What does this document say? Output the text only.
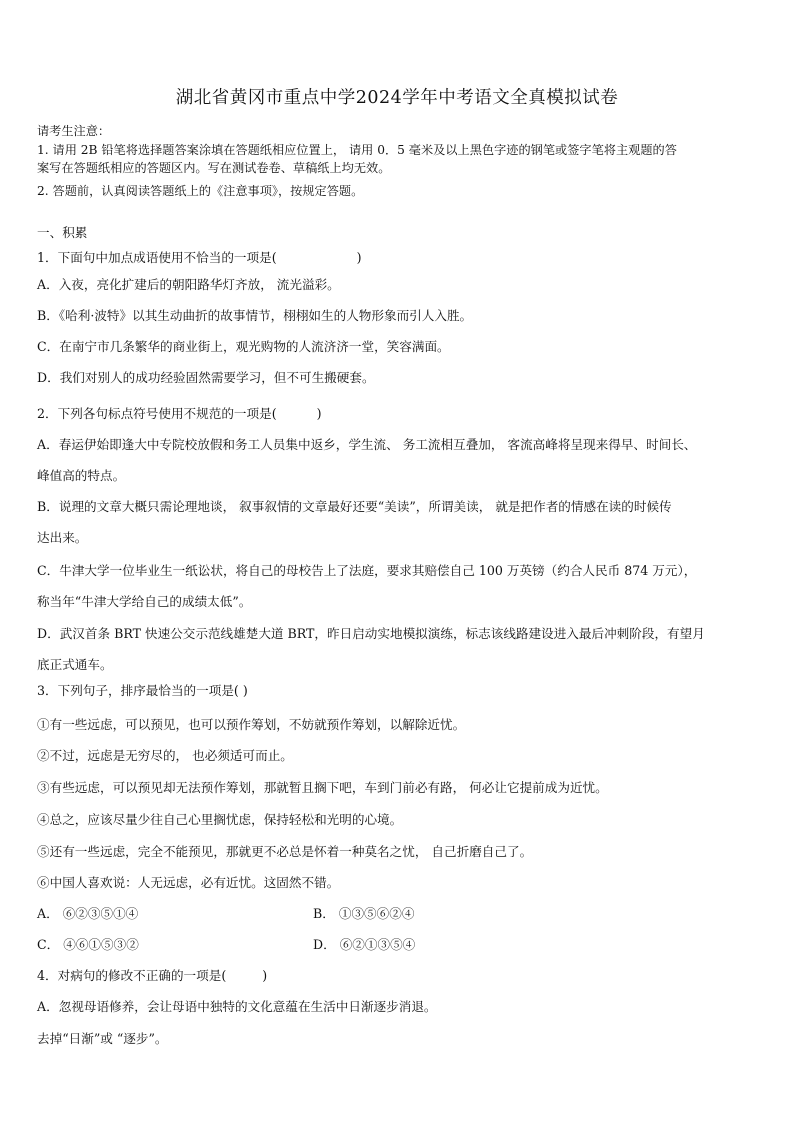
湖北省黄冈市重点中学2024学年中考语文全真模拟试卷
请考生注意：
1. 请用 2B 铅笔将选择题答案涂填在答题纸相应位置上， 请用 0．5 毫米及以上黑色字迹的钢笔或签字笔将主观题的答
案写在答题纸相应的答题区内。写在测试卷卷、草稿纸上均无效。
2. 答题前，认真阅读答题纸上的《注意事项》，按规定答题。
一、积累
1．下面句中加点成语使用不恰当的一项是(	)
A．入夜，亮化扩建后的朝阳路华灯齐放， 流光溢彩。
B．《哈利·波特》以其生动曲折的故事情节，栩栩如生的人物形象而引人入胜。
C．在南宁市几条繁华的商业街上，观光购物的人流济济一堂，笑容满面。
D．我们对别人的成功经验固然需要学习，但不可生搬硬套。
2．下列各句标点符号使用不规范的一项是(	)
A．春运伊始即逢大中专院校放假和务工人员集中返乡，学生流、 务工流相互叠加， 客流高峰将呈现来得早、时间长、
峰值高的特点。
B．说理的文章大概只需论理地谈， 叙事叙情的文章最好还要“美读”，所谓美读， 就是把作者的情感在读的时候传
达出来。
C．牛津大学一位毕业生一纸讼状，将自己的母校告上了法庭，要求其赔偿自己 100 万英镑（约合人民币 874 万元），
称当年“牛津大学给自己的成绩太低”。
D．武汉首条 BRT 快速公交示范线雄楚大道 BRT，昨日启动实地模拟演练，标志该线路建设进入最后冲刺阶段，有望月
底正式通车。
3．下列句子，排序最恰当的一项是( )
①有一些远虑，可以预见，也可以预作筹划，不妨就预作筹划，以解除近忧。
②不过，远虑是无穷尽的， 也必须适可而止。
③有些远虑，可以预见却无法预作筹划，那就暂且搁下吧，车到门前必有路， 何必让它提前成为近忧。
④总之，应该尽量少往自己心里搁忧虑，保持轻松和光明的心境。
⑤还有一些远虑，完全不能预见，那就更不必总是怀着一种莫名之忧， 自己折磨自己了。
⑥中国人喜欢说：人无远虑，必有近忧。这固然不错。
A． ⑥②③⑤①④	B． ①③⑤⑥②④
C． ④⑥①⑤③②	D． ⑥②①③⑤④
4．对病句的修改不正确的一项是(	)
A．忽视母语修养，会让母语中独特的文化意蕴在生活中日渐逐步消退。
去掉“日渐”或 “逐步”。
